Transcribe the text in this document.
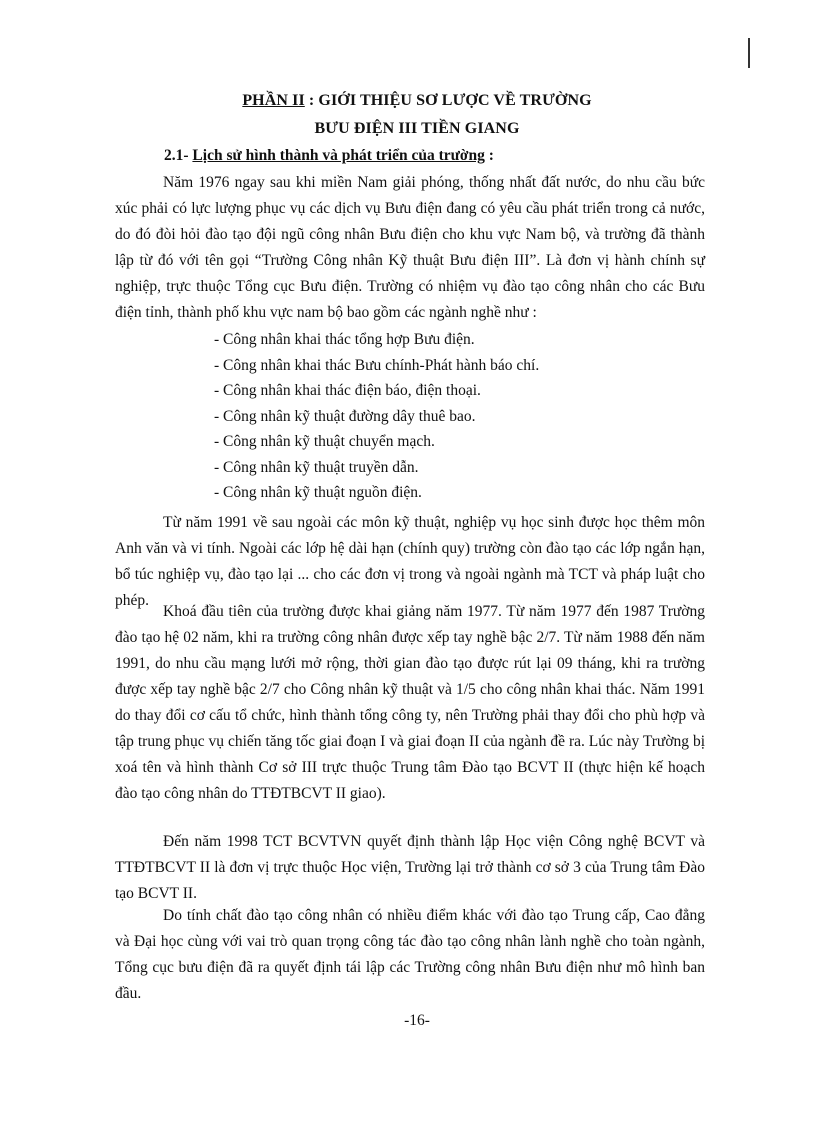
PHẦN II : GIỚI THIỆU SƠ LƯỢC VỀ TRƯỜNG
BƯU ĐIỆN III TIỀN GIANG
2.1- Lịch sử hình thành và phát triển của trường :

Năm 1976 ngay sau khi miền Nam giải phóng, thống nhất đất nước, do nhu cầu bức xúc phải có lực lượng phục vụ các dịch vụ Bưu điện đang có yêu cầu phát triển trong cả nước, do đó đòi hỏi đào tạo đội ngũ công nhân Bưu điện cho khu vực Nam bộ, và trường đã thành lập từ đó với tên gọi “Trường Công nhân Kỹ thuật Bưu điện III”. Là đơn vị hành chính sự nghiệp, trực thuộc Tổng cục Bưu điện. Trường có nhiệm vụ đào tạo công nhân cho các Bưu điện tỉnh, thành phố khu vực nam bộ bao gồm các ngành nghề như :

- Công nhân khai thác tổng hợp Bưu điện.
- Công nhân khai thác Bưu chính-Phát hành báo chí.
- Công nhân khai thác điện báo, điện thoại.
- Công nhân kỹ thuật đường dây thuê bao.
- Công nhân kỹ thuật chuyển mạch.
- Công nhân kỹ thuật truyền dẫn.
- Công nhân kỹ thuật nguồn điện.

Từ năm 1991 về sau ngoài các môn kỹ thuật, nghiệp vụ học sinh được học thêm môn Anh văn và vi tính. Ngoài các lớp hệ dài hạn (chính quy) trường còn đào tạo các lớp ngắn hạn, bổ túc nghiệp vụ, đào tạo lại ... cho các đơn vị trong và ngoài ngành mà TCT và pháp luật cho phép.

Khoá đầu tiên của trường được khai giảng năm 1977. Từ năm 1977 đến 1987 Trường đào tạo hệ 02 năm, khi ra trường công nhân được xếp tay nghề bậc 2/7. Từ năm 1988 đến năm 1991, do nhu cầu mạng lưới mở rộng, thời gian đào tạo được rút lại 09 tháng, khi ra trường được xếp tay nghề bậc 2/7 cho Công nhân kỹ thuật và 1/5 cho công nhân khai thác. Năm 1991 do thay đổi cơ cấu tổ chức, hình thành tổng công ty, nên Trường phải thay đổi cho phù hợp và tập trung phục vụ chiến tăng tốc giai đoạn I và giai đoạn II của ngành đề ra. Lúc này Trường bị xoá tên và hình thành Cơ sở III trực thuộc Trung tâm Đào tạo BCVT II (thực hiện kế hoạch đào tạo công nhân do TTĐTBCVT II giao).

Đến năm 1998 TCT BCVTVN quyết định thành lập Học viện Công nghệ BCVT và TTĐTBCVT II là đơn vị trực thuộc Học viện, Trường lại trở thành cơ sở 3 của Trung tâm Đào tạo BCVT II.

Do tính chất đào tạo công nhân có nhiều điểm khác với đào tạo Trung cấp, Cao đẳng và Đại học cùng với vai trò quan trọng công tác đào tạo công nhân lành nghề cho toàn ngành, Tổng cục bưu điện đã ra quyết định tái lập các Trường công nhân Bưu điện như mô hình ban đầu.

-16-
